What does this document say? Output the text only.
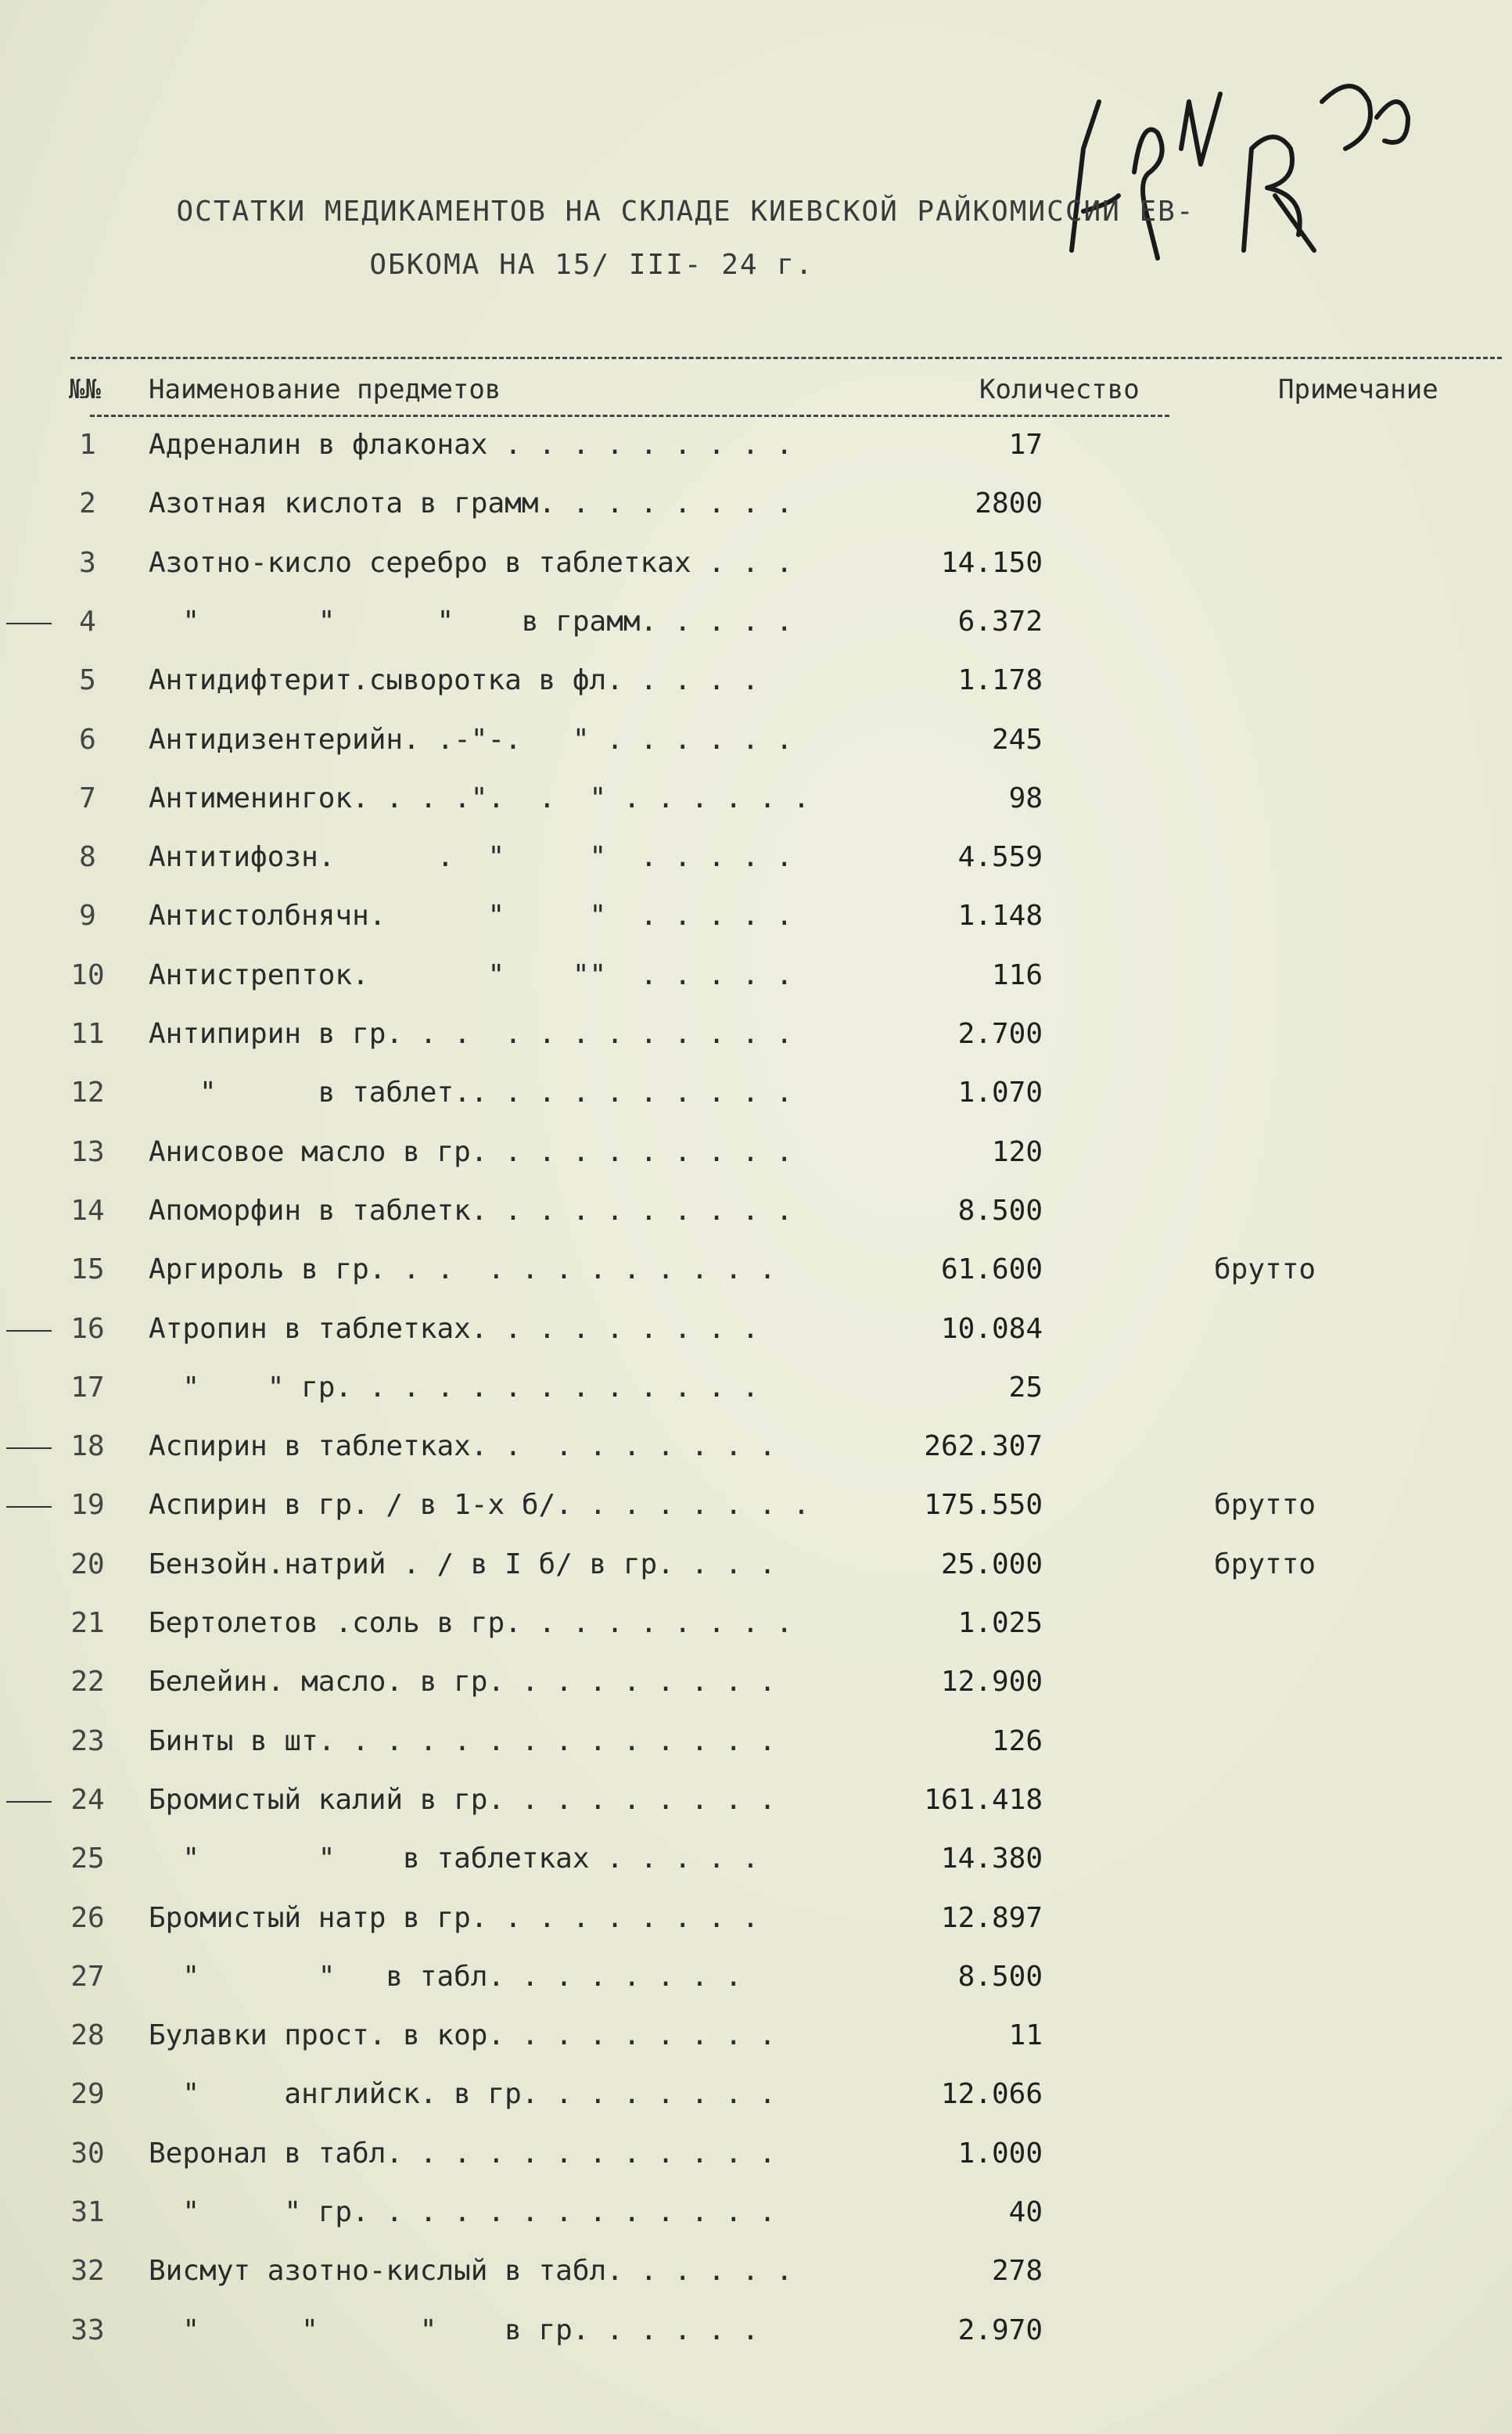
ОСТАТКИ МЕДИКАМЕНТОВ НА СКЛАДЕ КИЕВСКОЙ РАЙКОМИССИИ ЕВ-
ОБКОМА НА 15/ III- 24 г.
№№ Наименование предметов	Количество	Примечание
1	Адреналин в флаконах . . . . . . . . .	17
2	Азотная кислота в грамм. . . . . . . .	2800
3	Азотно-кисло серебро в таблетках . . .	14.150
4	"       "      "    в грамм. . . . .	6.372
5	Антидифтерит.сыворотка в фл. . . . .	1.178
6	Антидизентерийн. .-"-.   " . . . . . .	245
7	Антименингок. . . .".  .  " . . . . . .	98
8	Антитифозн.      .  "     "  . . . . .	4.559
9	Антистолбнячн.      "     "  . . . . .	1.148
10 Антистрепток.       "    ""  . . . . .	116
11 Антипирин в гр. . .  . . . . . . . . .	2.700
12 "      в таблет.. . . . . . . . . .	1.070
13 Анисовое масло в гр. . . . . . . . . .	120
14 Апоморфин в таблетк. . . . . . . . . .	8.500
15 Аргироль в гр. . .  . . . . . . . . .	61.600	брутто
16 Атропин в таблетках. . . . . . . . .	10.084
17 "    " гр. . . . . . . . . . . . .	25
18 Аспирин в таблетках. .  . . . . . . .	262.307
19 Аспирин в гр. / в 1-х б/. . . . . . . .	175.550	брутто
20 Бензойн.натрий . / в I б/ в гр. . . .	25.000	брутто
21 Бертолетов .соль в гр. . . . . . . . .	1.025
22 Белейин. масло. в гр. . . . . . . . .	12.900
23 Бинты в шт. . . . . . . . . . . . . .	126
24 Бромистый калий в гр. . . . . . . . .	161.418
25 "       "    в таблетках . . . . .	14.380
26 Бромистый натр в гр. . . . . . . . .	12.897
27 "       "   в табл. . . . . . . .	8.500
28 Булавки прост. в кор. . . . . . . . .	11
29 "     английск. в гр. . . . . . . .	12.066
30 Веронал в табл. . . . . . . . . . . .	1.000
31 "     " гр. . . . . . . . . . . . .	40
32 Висмут азотно-кислый в табл. . . . . .	278
33 "      "      "    в гр. . . . . .	2.970
